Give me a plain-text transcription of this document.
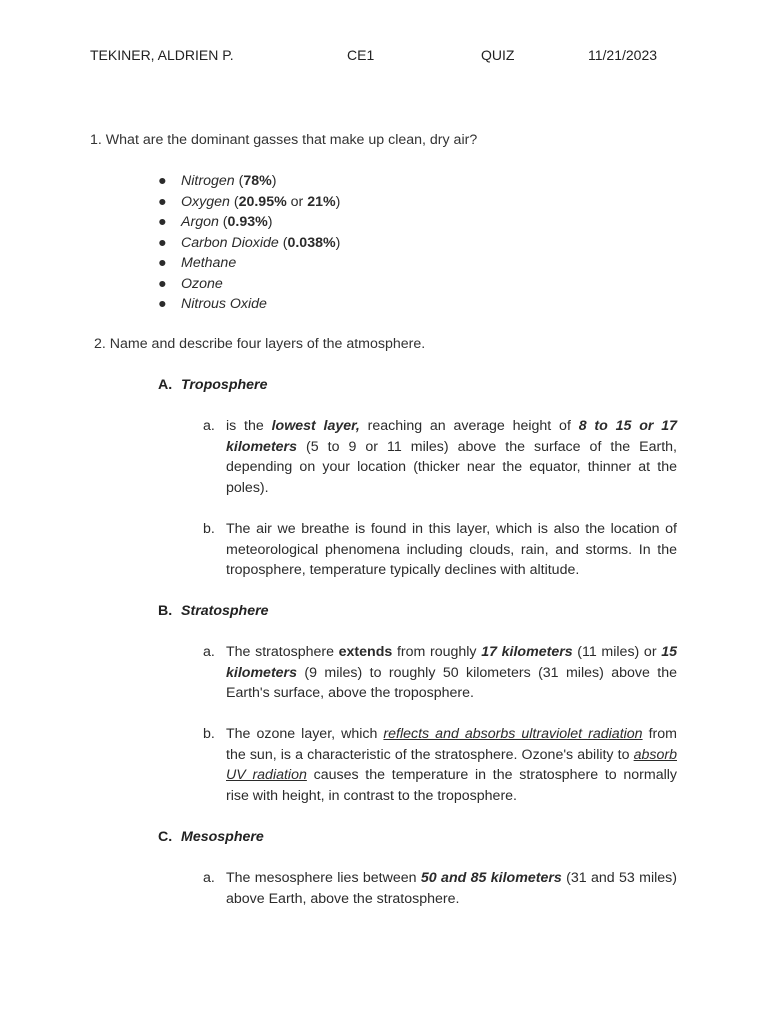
TEKINER, ALDRIEN P.	CE1	QUIZ	11/21/2023
1. What are the dominant gasses that make up clean, dry air?
● Nitrogen (78%)
● Oxygen (20.95% or 21%)
● Argon (0.93%)
● Carbon Dioxide (0.038%)
● Methane
● Ozone
● Nitrous Oxide
2. Name and describe four layers of the atmosphere.
A. Troposphere
a. is the lowest layer, reaching an average height of 8 to 15 or 17 kilometers (5 to 9 or 11 miles) above the surface of the Earth, depending on your location (thicker near the equator, thinner at the poles).
b. The air we breathe is found in this layer, which is also the location of meteorological phenomena including clouds, rain, and storms. In the troposphere, temperature typically declines with altitude.
B. Stratosphere
a. The stratosphere extends from roughly 17 kilometers (11 miles) or 15 kilometers (9 miles) to roughly 50 kilometers (31 miles) above the Earth's surface, above the troposphere.
b. The ozone layer, which reflects and absorbs ultraviolet radiation from the sun, is a characteristic of the stratosphere. Ozone's ability to absorb UV radiation causes the temperature in the stratosphere to normally rise with height, in contrast to the troposphere.
C. Mesosphere
a. The mesosphere lies between 50 and 85 kilometers (31 and 53 miles) above Earth, above the stratosphere.
